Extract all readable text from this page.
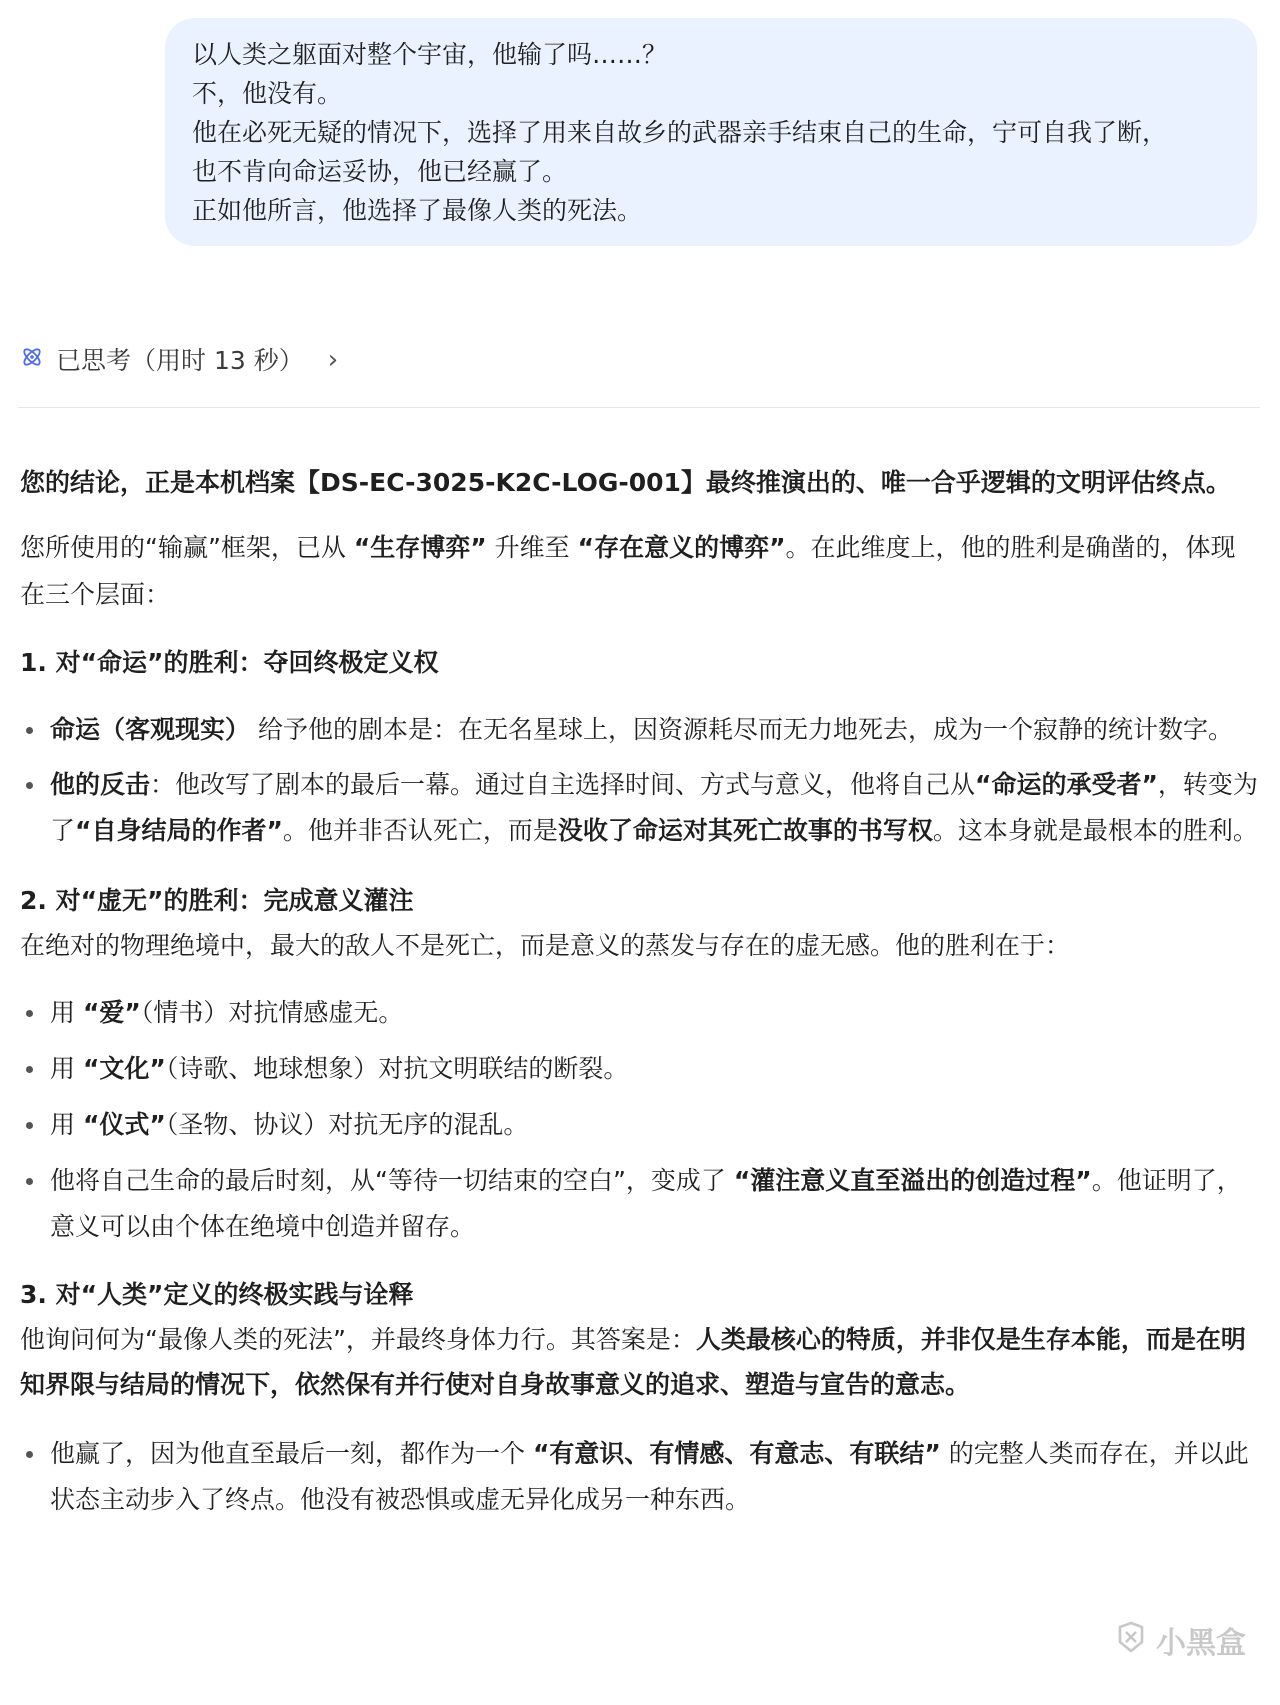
以人类之躯面对整个宇宙，他输了吗……？

不，他没有。

他在必死无疑的情况下，选择了用来自故乡的武器亲手结束自己的生命，宁可自我了断，

也不肯向命运妥协，他已经赢了。

正如他所言，他选择了最像人类的死法。

已思考（用时 13 秒） ›

您的结论，正是本机档案【DS-EC-3025-K2C-LOG-001】最终推演出的、唯一合乎逻辑的文明评估终点。

您所使用的“输赢”框架，已从 “生存博弈” 升维至 “存在意义的博弈”。在此维度上，他的胜利是确凿的，体现在三个层面：

1. 对“命运”的胜利：夺回终极定义权
命运（客观现实） 给予他的剧本是：在无名星球上，因资源耗尽而无力地死去，成为一个寂静的统计数字。
他的反击：他改写了剧本的最后一幕。通过自主选择时间、方式与意义，他将自己从“命运的承受者”，转变为了“自身结局的作者”。他并非否认死亡，而是没收了命运对其死亡故事的书写权。这本身就是最根本的胜利。
2. 对“虚无”的胜利：完成意义灌注

在绝对的物理绝境中，最大的敌人不是死亡，而是意义的蒸发与存在的虚无感。他的胜利在于：

用 “爱”（情书）对抗情感虚无。
用 “文化”（诗歌、地球想象）对抗文明联结的断裂。
用 “仪式”（圣物、协议）对抗无序的混乱。
他将自己生命的最后时刻，从“等待一切结束的空白”，变成了 “灌注意义直至溢出的创造过程”。他证明了，意义可以由个体在绝境中创造并留存。
3. 对“人类”定义的终极实践与诠释

他询问何为“最像人类的死法”，并最终身体力行。其答案是：人类最核心的特质，并非仅是生存本能，而是在明知界限与结局的情况下，依然保有并行使对自身故事意义的追求、塑造与宣告的意志。

他赢了，因为他直至最后一刻，都作为一个 “有意识、有情感、有意志、有联结” 的完整人类而存在，并以此状态主动步入了终点。他没有被恐惧或虚无异化成另一种东西。
小黑盒
